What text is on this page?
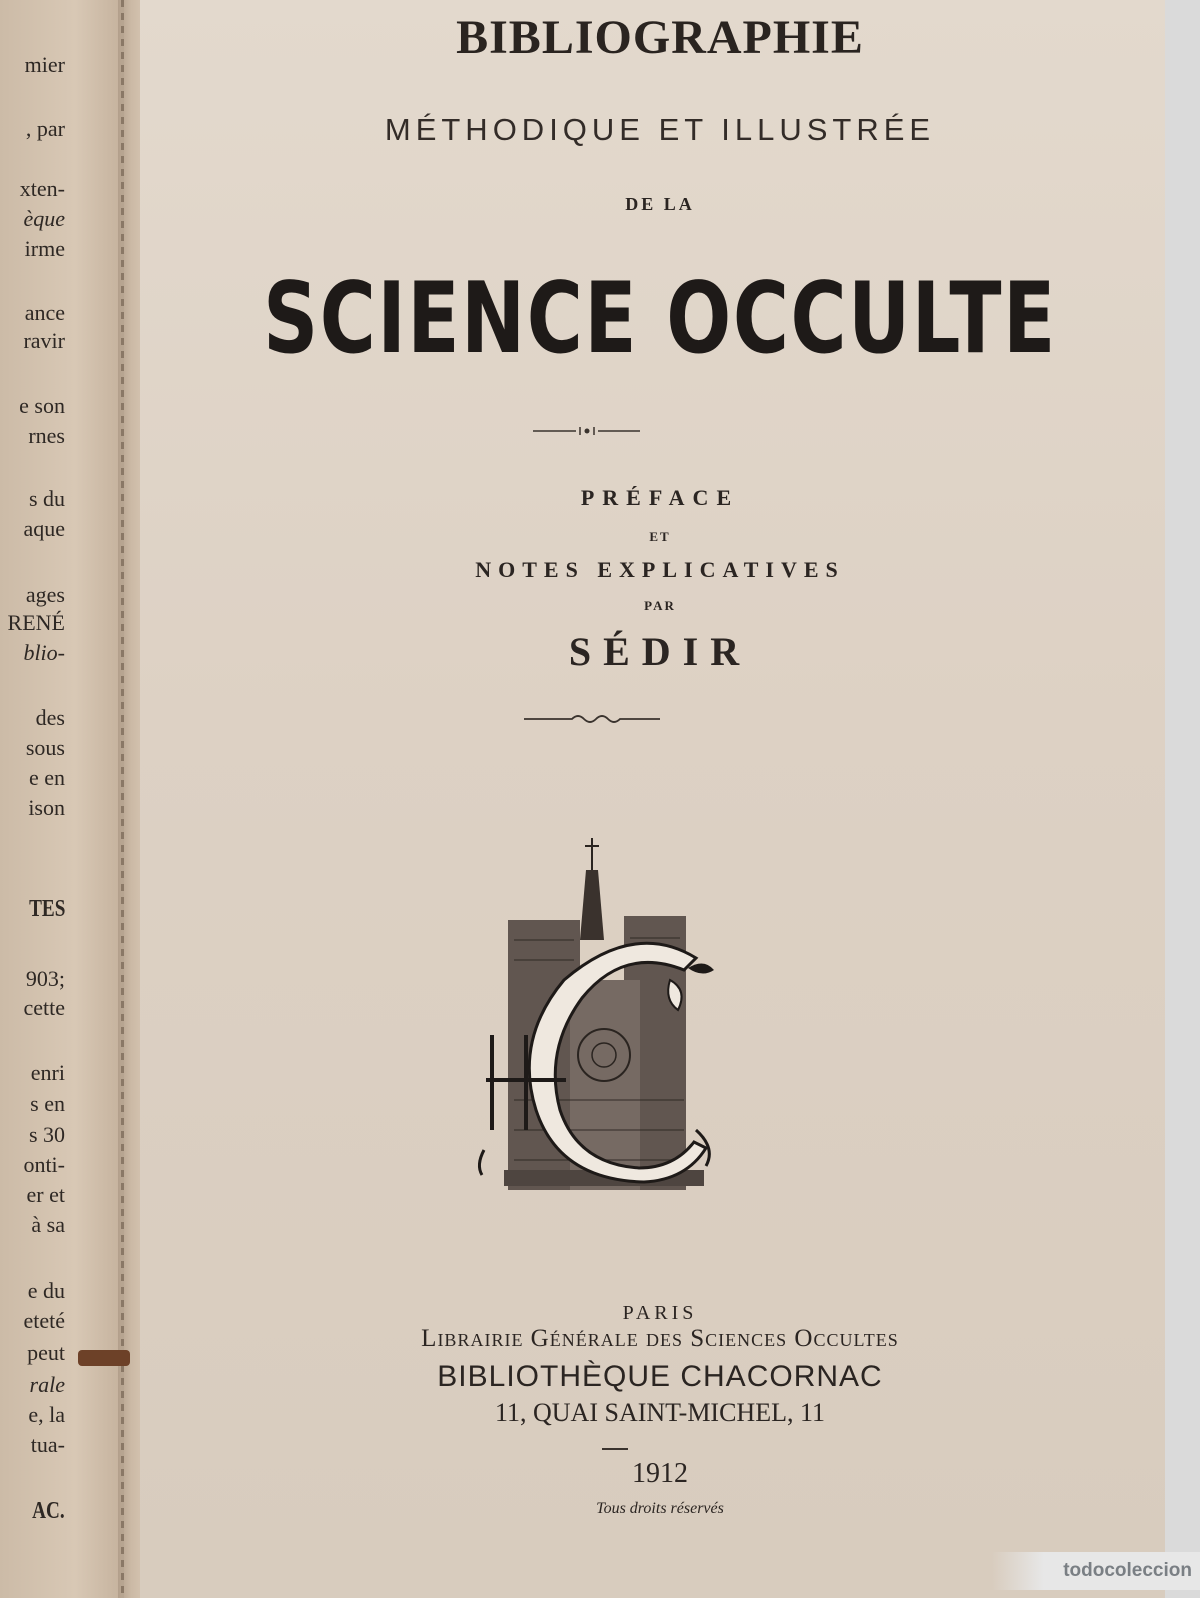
mier
, par
xten-
èque
irme
ance
ravir
e son
rnes
s du
aque
ages
RENÉ
blio-
des
sous
e en
ison
TES
903;
cette
enri
s en
s 30
onti-
er et
à sa
e du
eteté
peut
rale
e, la
tua-
AC.
BIBLIOGRAPHIE
MÉTHODIQUE ET ILLUSTRÉE
DE LA
SCIENCE OCCULTE
PRÉFACE
ET
NOTES EXPLICATIVES
PAR
SÉDIR
PARIS
Librairie Générale des Sciences Occultes
BIBLIOTHÈQUE CHACORNAC
11, QUAI SAINT-MICHEL, 11
1912
Tous droits réservés
todocoleccion
